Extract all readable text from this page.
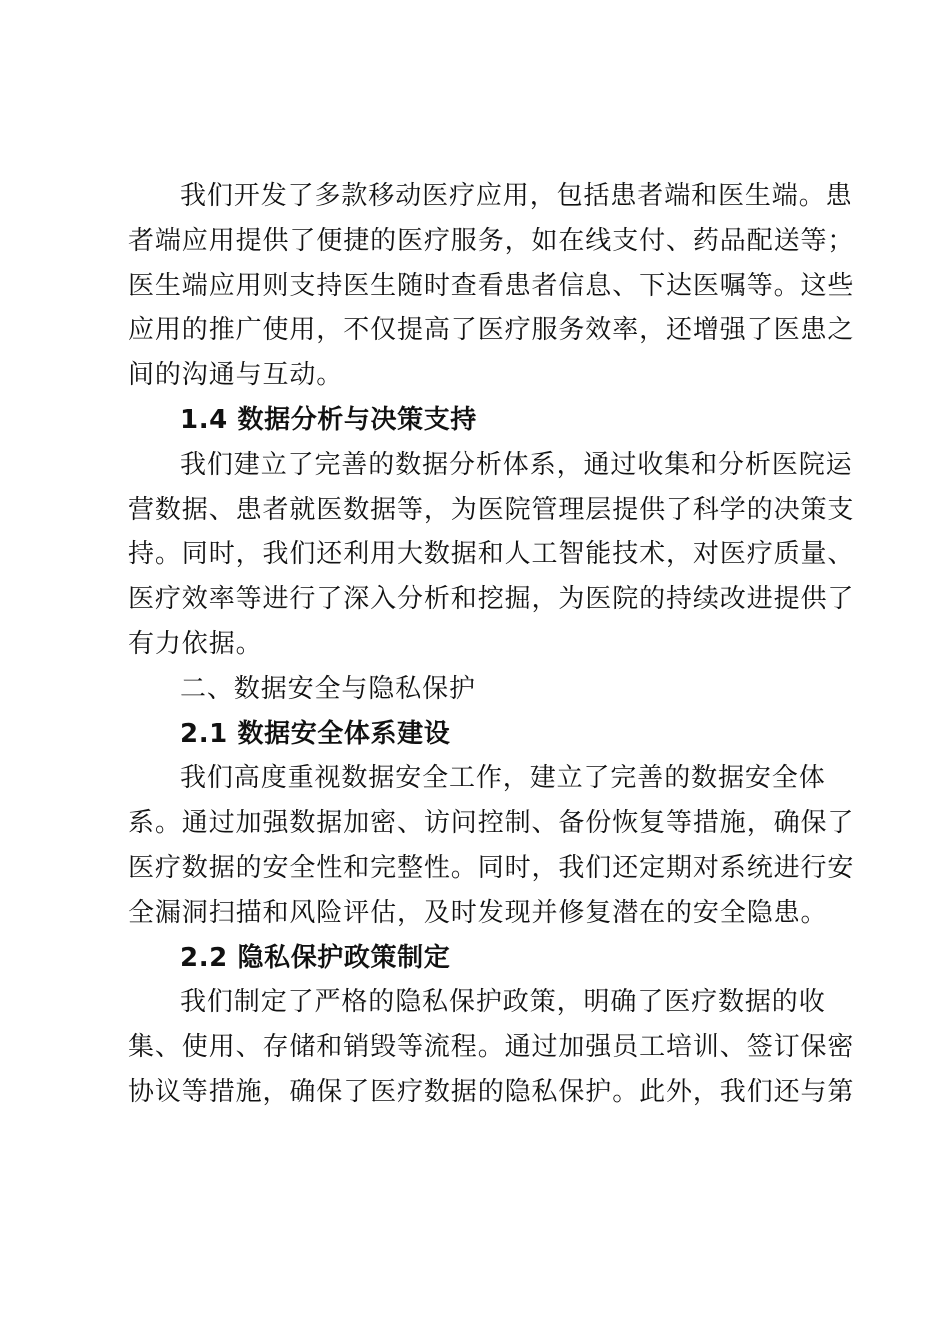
我们开发了多款移动医疗应用，包括患者端和医生端。患
者端应用提供了便捷的医疗服务，如在线支付、药品配送等；
医生端应用则支持医生随时查看患者信息、下达医嘱等。这些
应用的推广使用，不仅提高了医疗服务效率，还增强了医患之
间的沟通与互动。
1.4 数据分析与决策支持
我们建立了完善的数据分析体系，通过收集和分析医院运
营数据、患者就医数据等，为医院管理层提供了科学的决策支
持。同时，我们还利用大数据和人工智能技术，对医疗质量、
医疗效率等进行了深入分析和挖掘，为医院的持续改进提供了
有力依据。
二、数据安全与隐私保护
2.1 数据安全体系建设
我们高度重视数据安全工作，建立了完善的数据安全体
系。通过加强数据加密、访问控制、备份恢复等措施，确保了
医疗数据的安全性和完整性。同时，我们还定期对系统进行安
全漏洞扫描和风险评估，及时发现并修复潜在的安全隐患。
2.2 隐私保护政策制定
我们制定了严格的隐私保护政策，明确了医疗数据的收
集、使用、存储和销毁等流程。通过加强员工培训、签订保密
协议等措施，确保了医疗数据的隐私保护。此外，我们还与第
